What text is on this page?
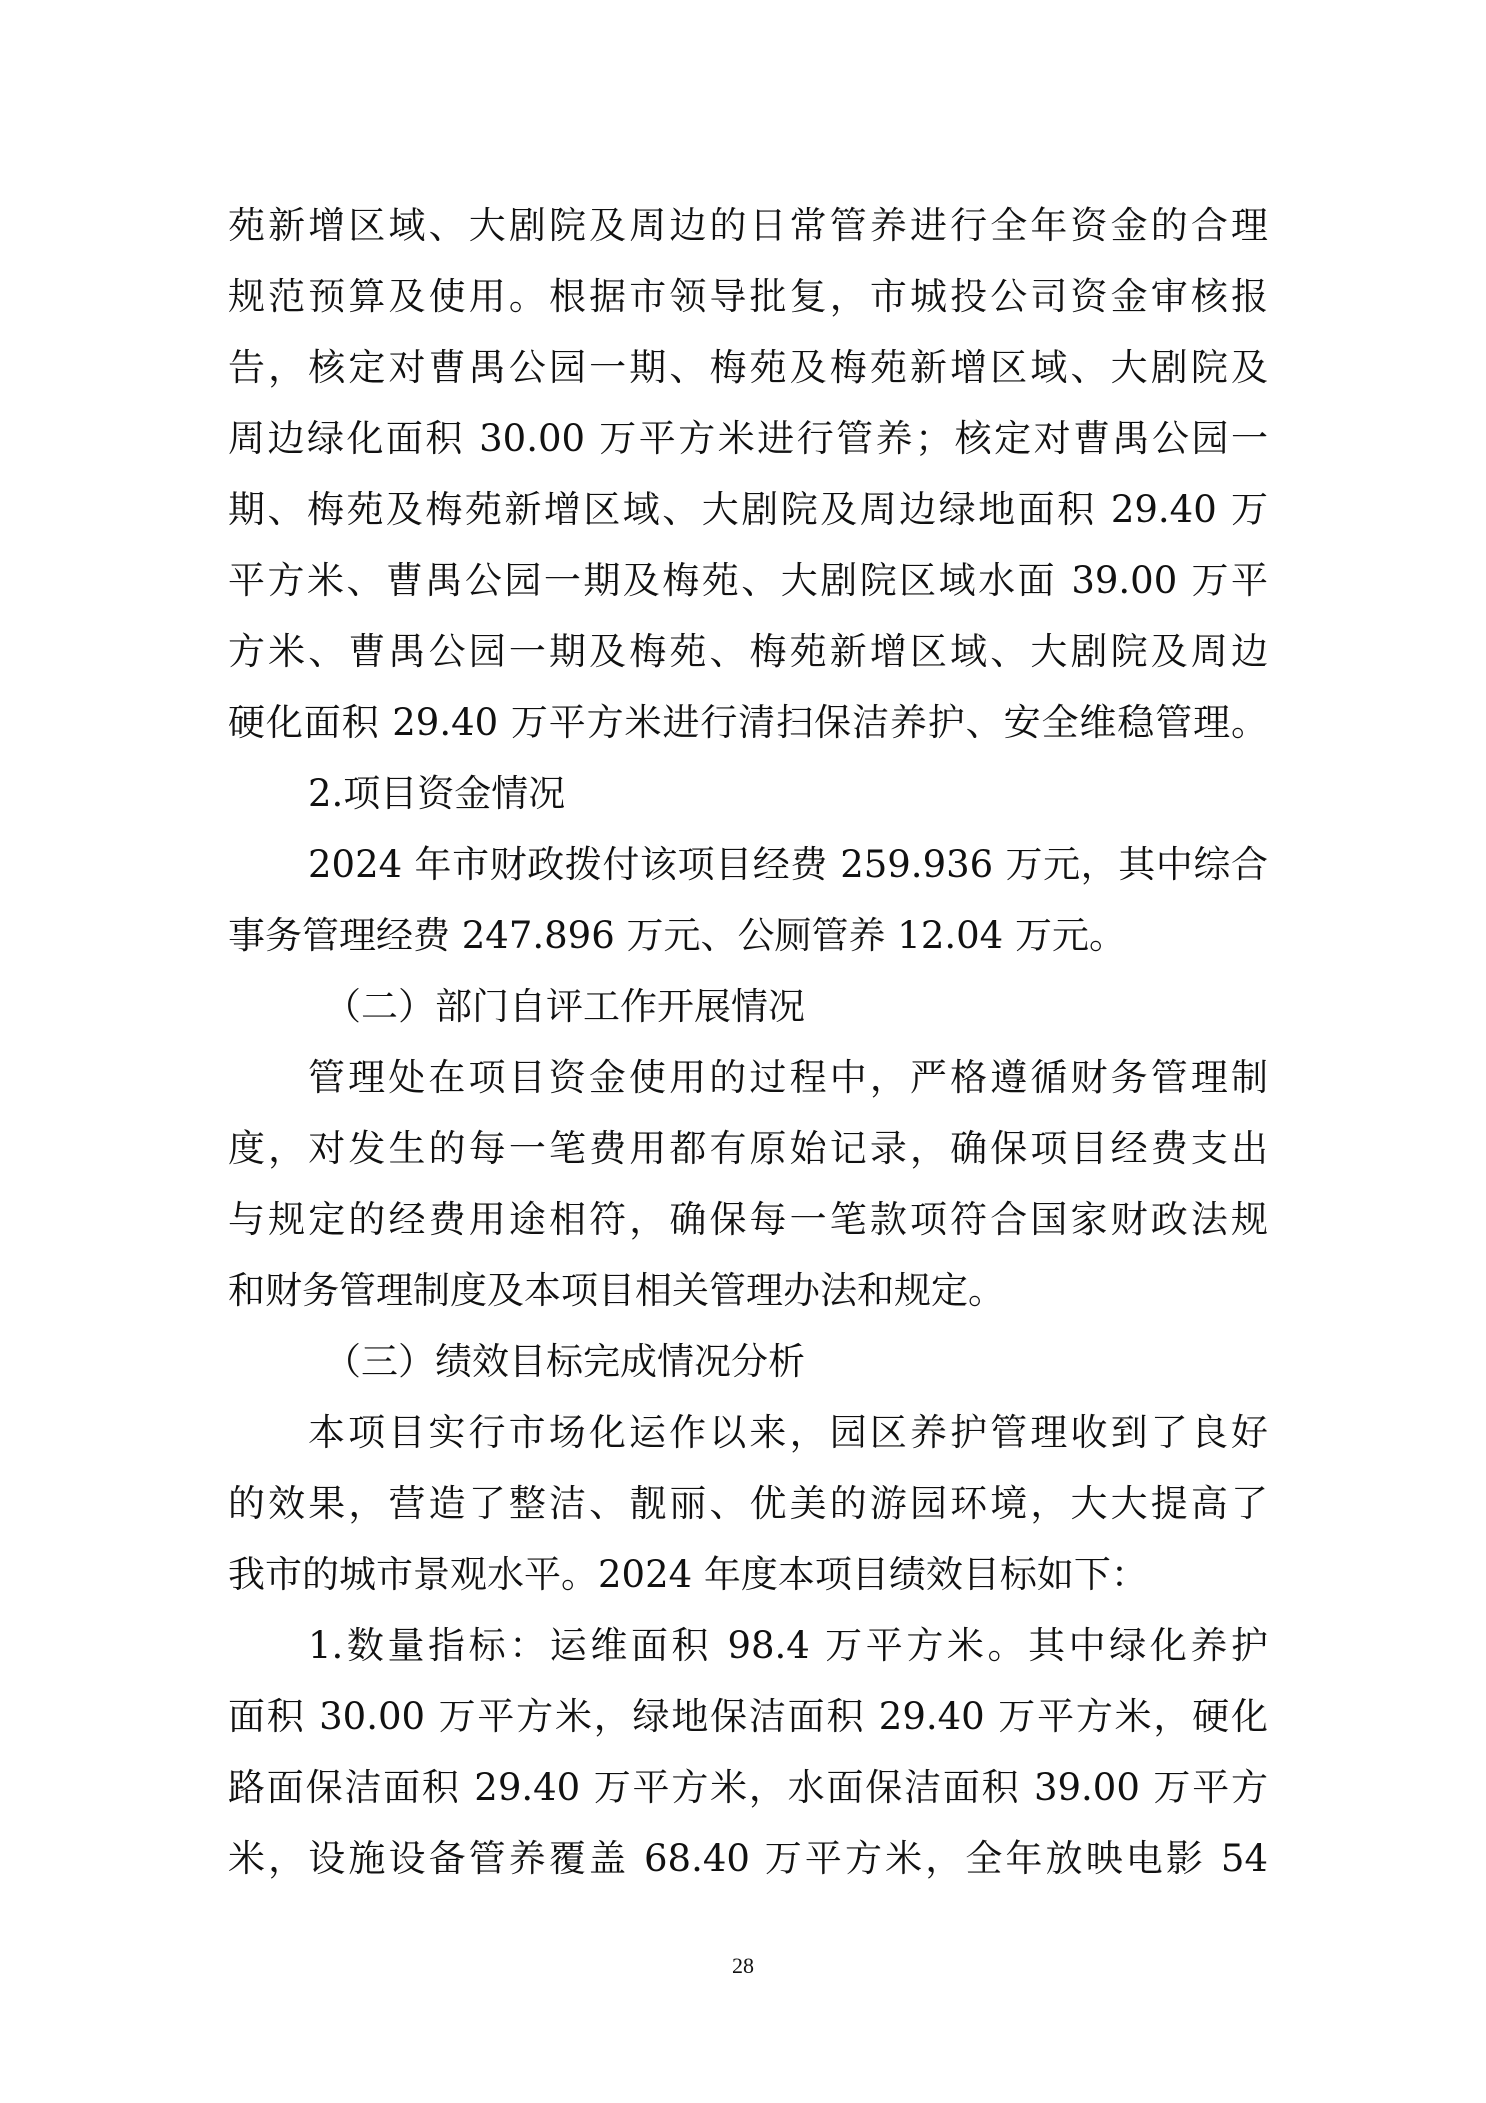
苑新增区域、大剧院及周边的日常管养进行全年资金的合理
规范预算及使用。根据市领导批复，市城投公司资金审核报
告，核定对曹禺公园一期、梅苑及梅苑新增区域、大剧院及
周边绿化面积 30.00 万平方米进行管养；核定对曹禺公园一
期、梅苑及梅苑新增区域、大剧院及周边绿地面积 29.40 万
平方米、曹禺公园一期及梅苑、大剧院区域水面 39.00 万平
方米、曹禺公园一期及梅苑、梅苑新增区域、大剧院及周边
硬化面积 29.40 万平方米进行清扫保洁养护、安全维稳管理。
2.项目资金情况
2024 年市财政拨付该项目经费 259.936 万元，其中综合
事务管理经费 247.896 万元、公厕管养 12.04 万元。
（二）部门自评工作开展情况
管理处在项目资金使用的过程中，严格遵循财务管理制
度，对发生的每一笔费用都有原始记录，确保项目经费支出
与规定的经费用途相符，确保每一笔款项符合国家财政法规
和财务管理制度及本项目相关管理办法和规定。
（三）绩效目标完成情况分析
本项目实行市场化运作以来，园区养护管理收到了良好
的效果，营造了整洁、靓丽、优美的游园环境，大大提高了
我市的城市景观水平。2024 年度本项目绩效目标如下：
1.数量指标：运维面积 98.4 万平方米。其中绿化养护
面积 30.00 万平方米，绿地保洁面积 29.40 万平方米，硬化
路面保洁面积 29.40 万平方米，水面保洁面积 39.00 万平方
米，设施设备管养覆盖 68.40 万平方米，全年放映电影 54
28
